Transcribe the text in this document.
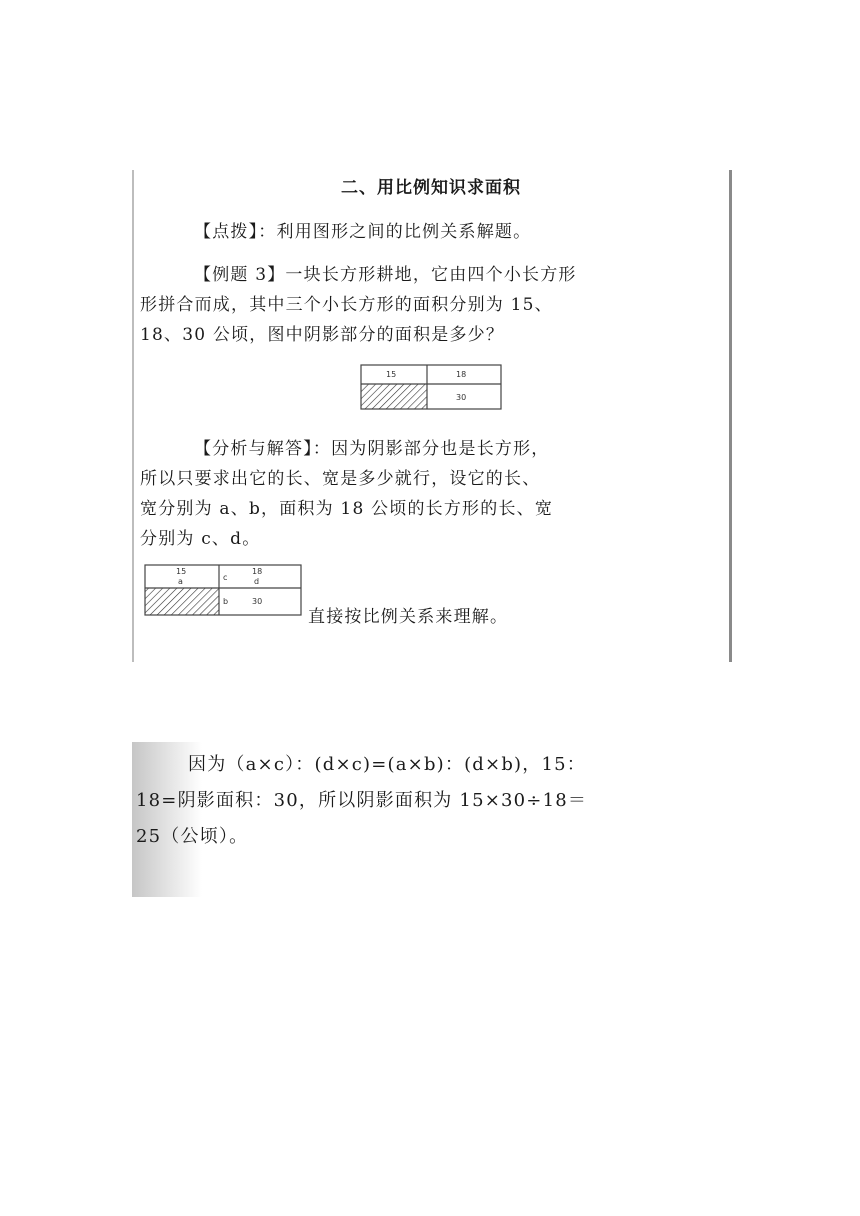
二、用比例知识求面积
【点拨】：利用图形之间的比例关系解题。
【例题 3】一块长方形耕地，它由四个小长方形
形拼合而成，其中三个小长方形的面积分别为 15、
18、30 公顷，图中阴影部分的面积是多少？
15	18
30
【分析与解答】：因为阴影部分也是长方形，
所以只要求出它的长、宽是多少就行，设它的长、
宽分别为 a、b，面积为 18 公顷的长方形的长、宽
分别为 c、d。
15
a	c
18
d
b	30
直接按比例关系来理解。
因为（a×c）：(d×c)=(a×b)：(d×b)，15：
18=阴影面积：30，所以阴影面积为 15×30÷18＝
25（公顷）。
